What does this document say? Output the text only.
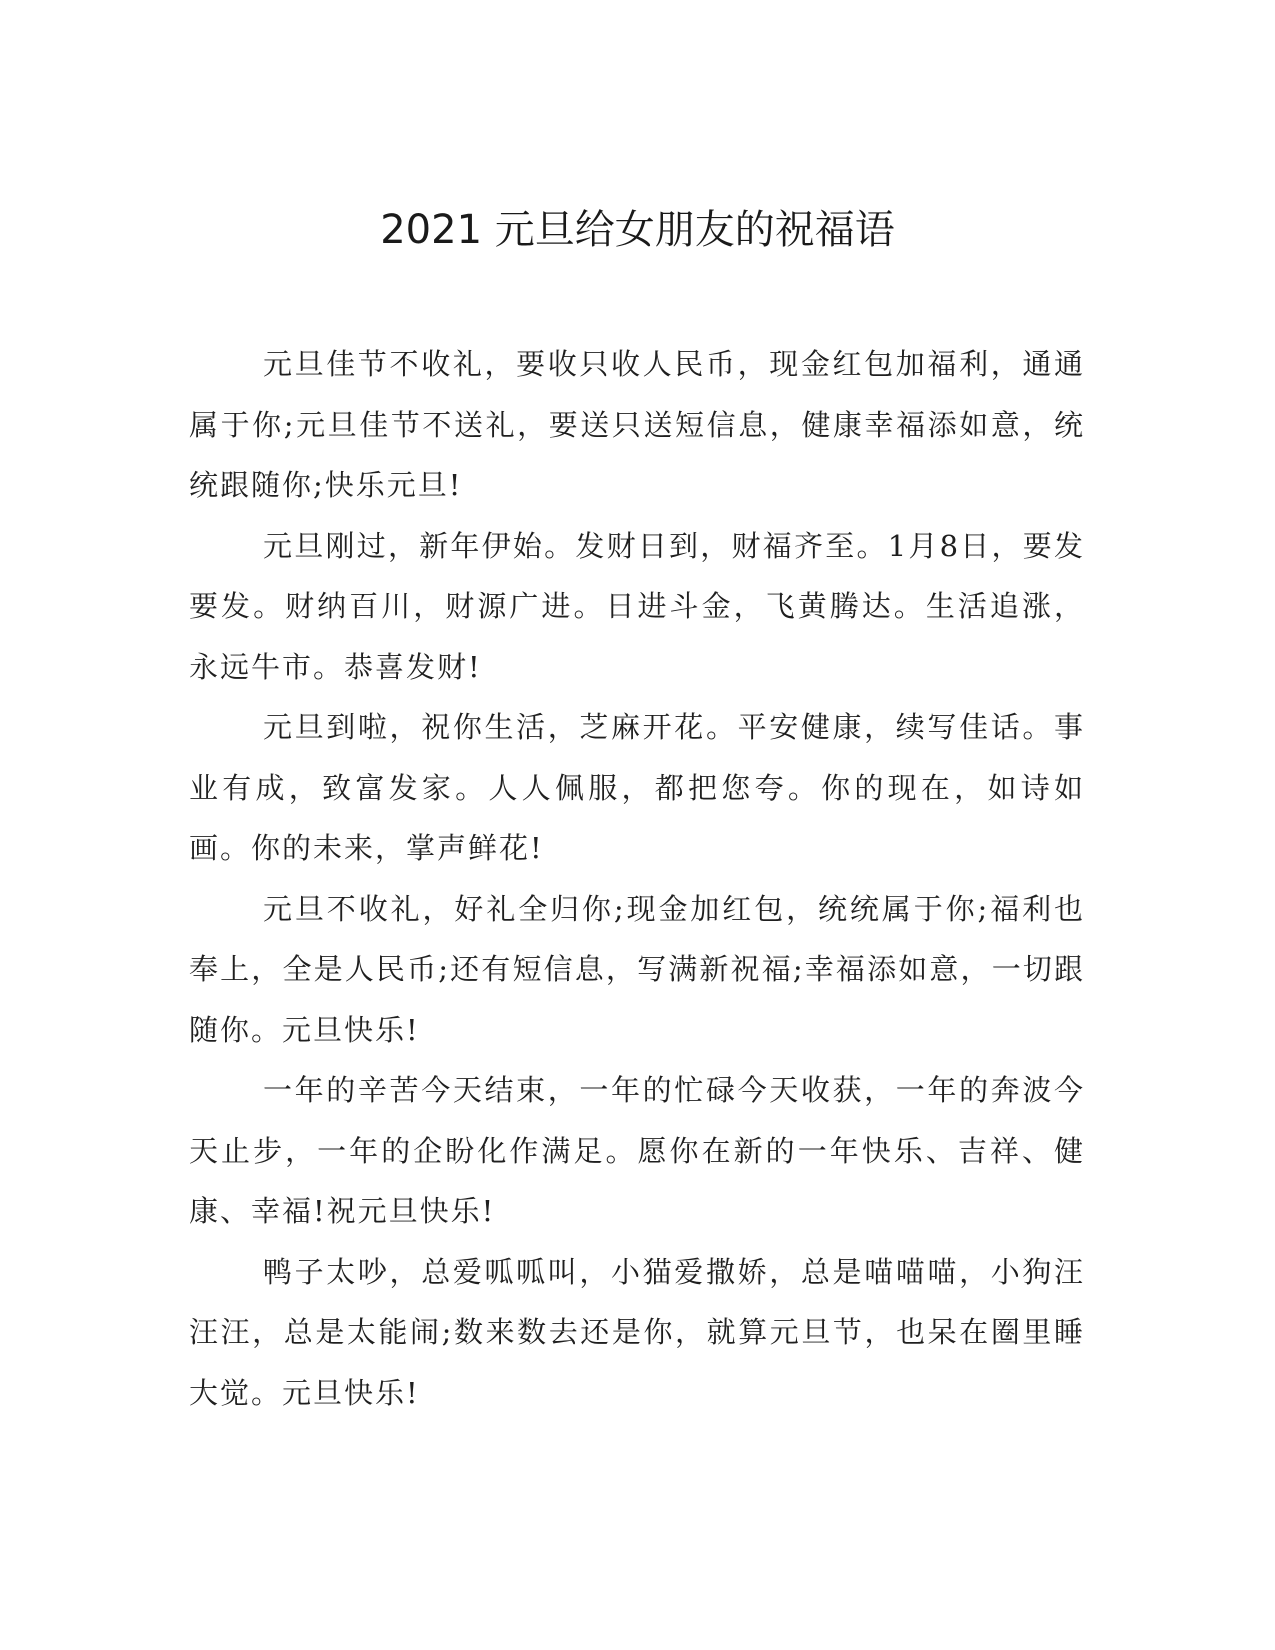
2021 元旦给女朋友的祝福语

元旦佳节不收礼，要收只收人民币，现金红包加福利，通通属于你;元旦佳节不送礼，要送只送短信息，健康幸福添如意，统统跟随你;快乐元旦!

元旦刚过，新年伊始。发财日到，财福齐至。1月8日，要发要发。财纳百川，财源广进。日进斗金，飞黄腾达。生活追涨，永远牛市。恭喜发财!

元旦到啦，祝你生活，芝麻开花。平安健康，续写佳话。事业有成，致富发家。人人佩服，都把您夸。你的现在，如诗如画。你的未来，掌声鲜花!

元旦不收礼，好礼全归你;现金加红包，统统属于你;福利也奉上，全是人民币;还有短信息，写满新祝福;幸福添如意，一切跟随你。元旦快乐!

一年的辛苦今天结束，一年的忙碌今天收获，一年的奔波今天止步，一年的企盼化作满足。愿你在新的一年快乐、吉祥、健康、幸福!祝元旦快乐!

鸭子太吵，总爱呱呱叫，小猫爱撒娇，总是喵喵喵，小狗汪汪汪，总是太能闹;数来数去还是你，就算元旦节，也呆在圈里睡大觉。元旦快乐!
